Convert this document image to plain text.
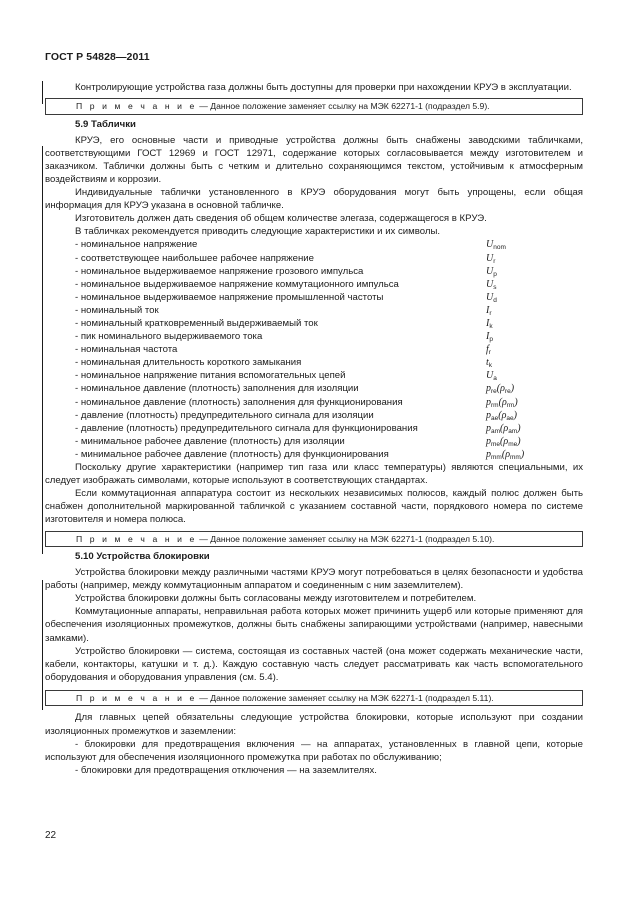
ГОСТ Р 54828—2011

Контролирующие устройства газа должны быть доступны для проверки при нахождении КРУЭ в эксплуатации.

П р и м е ч а н и е — Данное положение заменяет ссылку на МЭК 62271-1 (подраздел 5.9).
5.9 Таблички

КРУЭ, его основные части и приводные устройства должны быть снабжены заводскими табличками, соответствующими ГОСТ 12969 и ГОСТ 12971, содержание которых согласовывается между изготовителем и заказчиком. Таблички должны быть с четким и длительно сохраняющимся текстом, устойчивым к атмосферным воздействиям и коррозии.

Индивидуальные таблички установленного в КРУЭ оборудования могут быть упрощены, если общая информация для КРУЭ указана в основной табличке.

Изготовитель должен дать сведения об общем количестве элегаза, содержащегося в КРУЭ.

В табличках рекомендуется приводить следующие характеристики и их символы.

- номинальное напряжение	$U_{nom}$
- соответствующее наибольшее рабочее напряжение	$U_r$
- номинальное выдерживаемое напряжение грозового импульса	$U_p$
- номинальное выдерживаемое напряжение коммутационного импульса	$U_s$
- номинальное выдерживаемое напряжение промышленной частоты	$U_d$
- номинальный ток	$I_r$
- номинальный кратковременный выдерживаемый ток	$I_k$
- пик номинального выдерживаемого тока	$I_p$
- номинальная частота	$f_r$
- номинальная длительность короткого замыкания	$t_k$
- номинальное напряжение питания вспомогательных цепей	$U_a$
- номинальное давление (плотность) заполнения для изоляции	$p_{re}(\rho_{re})$
- номинальное давление (плотность) заполнения для функционирования	$p_{rm}(\rho_{rm})$
- давление (плотность) предупредительного сигнала для изоляции	$p_{ae}(\rho_{ae})$
- давление (плотность) предупредительного сигнала для функционирования	$p_{am}(\rho_{am})$
- минимальное рабочее давление (плотность) для изоляции	$p_{me}(\rho_{me})$
- минимальное рабочее давление (плотность) для функционирования	$p_{mm}(\rho_{mm})$

Поскольку другие характеристики (например тип газа или класс температуры) являются специальными, их следует изображать символами, которые используют в соответствующих стандартах.

Если коммутационная аппаратура состоит из нескольких независимых полюсов, каждый полюс должен быть снабжен дополнительной маркированной табличкой с указанием составной части, порядкового номера по системе изготовителя и номера полюса.

П р и м е ч а н и е — Данное положение заменяет ссылку на МЭК 62271-1 (подраздел 5.10).
5.10 Устройства блокировки

Устройства блокировки между различными частями КРУЭ могут потребоваться в целях безопасности и удобства работы (например, между коммутационным аппаратом и соединенным с ним заземлителем).

Устройства блокировки должны быть согласованы между изготовителем и потребителем.

Коммутационные аппараты, неправильная работа которых может причинить ущерб или которые применяют для обеспечения изоляционных промежутков, должны быть снабжены запирающими устройствами (например, навесными замками).

Устройство блокировки — система, состоящая из составных частей (она может содержать механические части, кабели, контакторы, катушки и т. д.). Каждую составную часть следует рассматривать как часть вспомогательного оборудования и оборудования управления (см. 5.4).

П р и м е ч а н и е — Данное положение заменяет ссылку на МЭК 62271-1 (подраздел 5.11).

Для главных цепей обязательны следующие устройства блокировки, которые используют при создании изоляционных промежутков и заземлении:

- блокировки для предотвращения включения — на аппаратах, установленных в главной цепи, которые используют для обеспечения изоляционного промежутка при работах по обслуживанию;

- блокировки для предотвращения отключения — на заземлителях.

22
